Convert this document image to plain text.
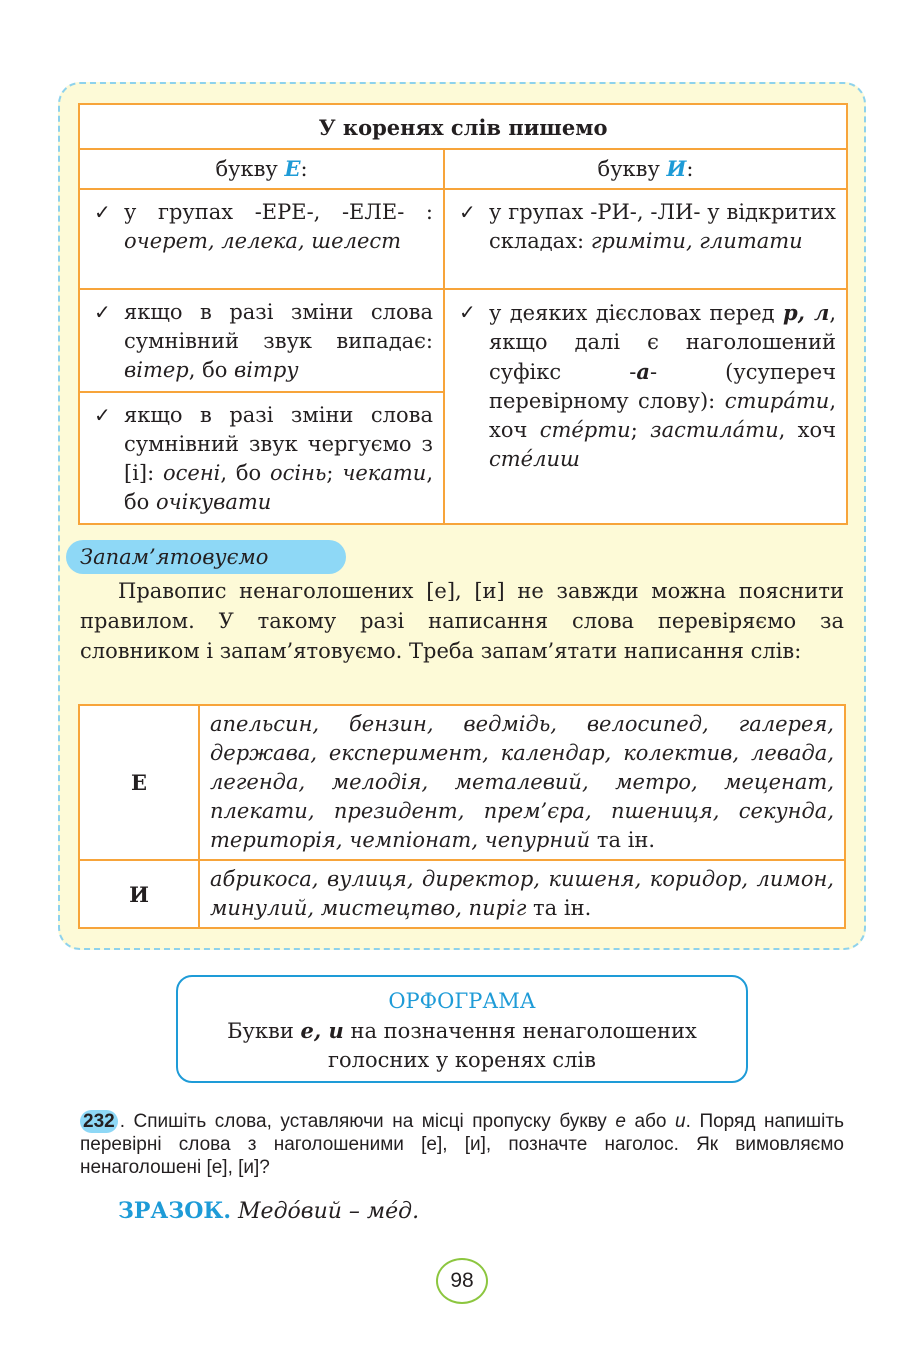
У коренях слів пишемо	
букву Е:	букву И:

✓ у групах -ЕРЕ-, -ЕЛЕ- : очерет, лелека, шелест	✓ у групах -РИ-, -ЛИ- у відкритих складах: гриміти, глитати

✓ якщо в разі зміни слова сумнівний звук випадає: вітер, бо вітру	✓ у деяких дієсловах перед р, л, якщо далі є наголошений суфікс -а- (усупереч перевірному слову): стирáти, хоч стéрти; застилáти, хоч стéлиш

✓ якщо в разі зміни слова сумнівний звук чергуємо з [і]: осені, бо осінь; чекати, бо очікувати	
Запам’ятовуємо
Правопис ненаголошених [е], [и] не завжди можна пояснити правилом. У такому разі написання слова перевіряємо за словником і запам’ятовуємо. Треба запам’ятати написання слів:
Е	апельсин, бензин, ведмідь, велосипед, галерея, держава, експеримент, календар, колектив, левада, легенда, мелодія, металевий, метро, мецeнат, плекати, президент, прем’єра, пшениця, секунда, територія, чемпіонат, чепурний та ін.
И	абрикоса, вулиця, директор, кишеня, коридор, лимон, минулий, мистецтво, пиріг та ін.
ОРФОГРАМА
Букви е, и на позначення ненаголошених
голосних у коренях слів
232 . Спишіть слова, уставляючи на місці пропуску букву е або и. Поряд напишіть перевірні слова з наголошеними [е], [и], позначте наголос. Як вимовляємо ненаголошені [е], [и]?
ЗРАЗОК. Медóвий – мéд.
98
